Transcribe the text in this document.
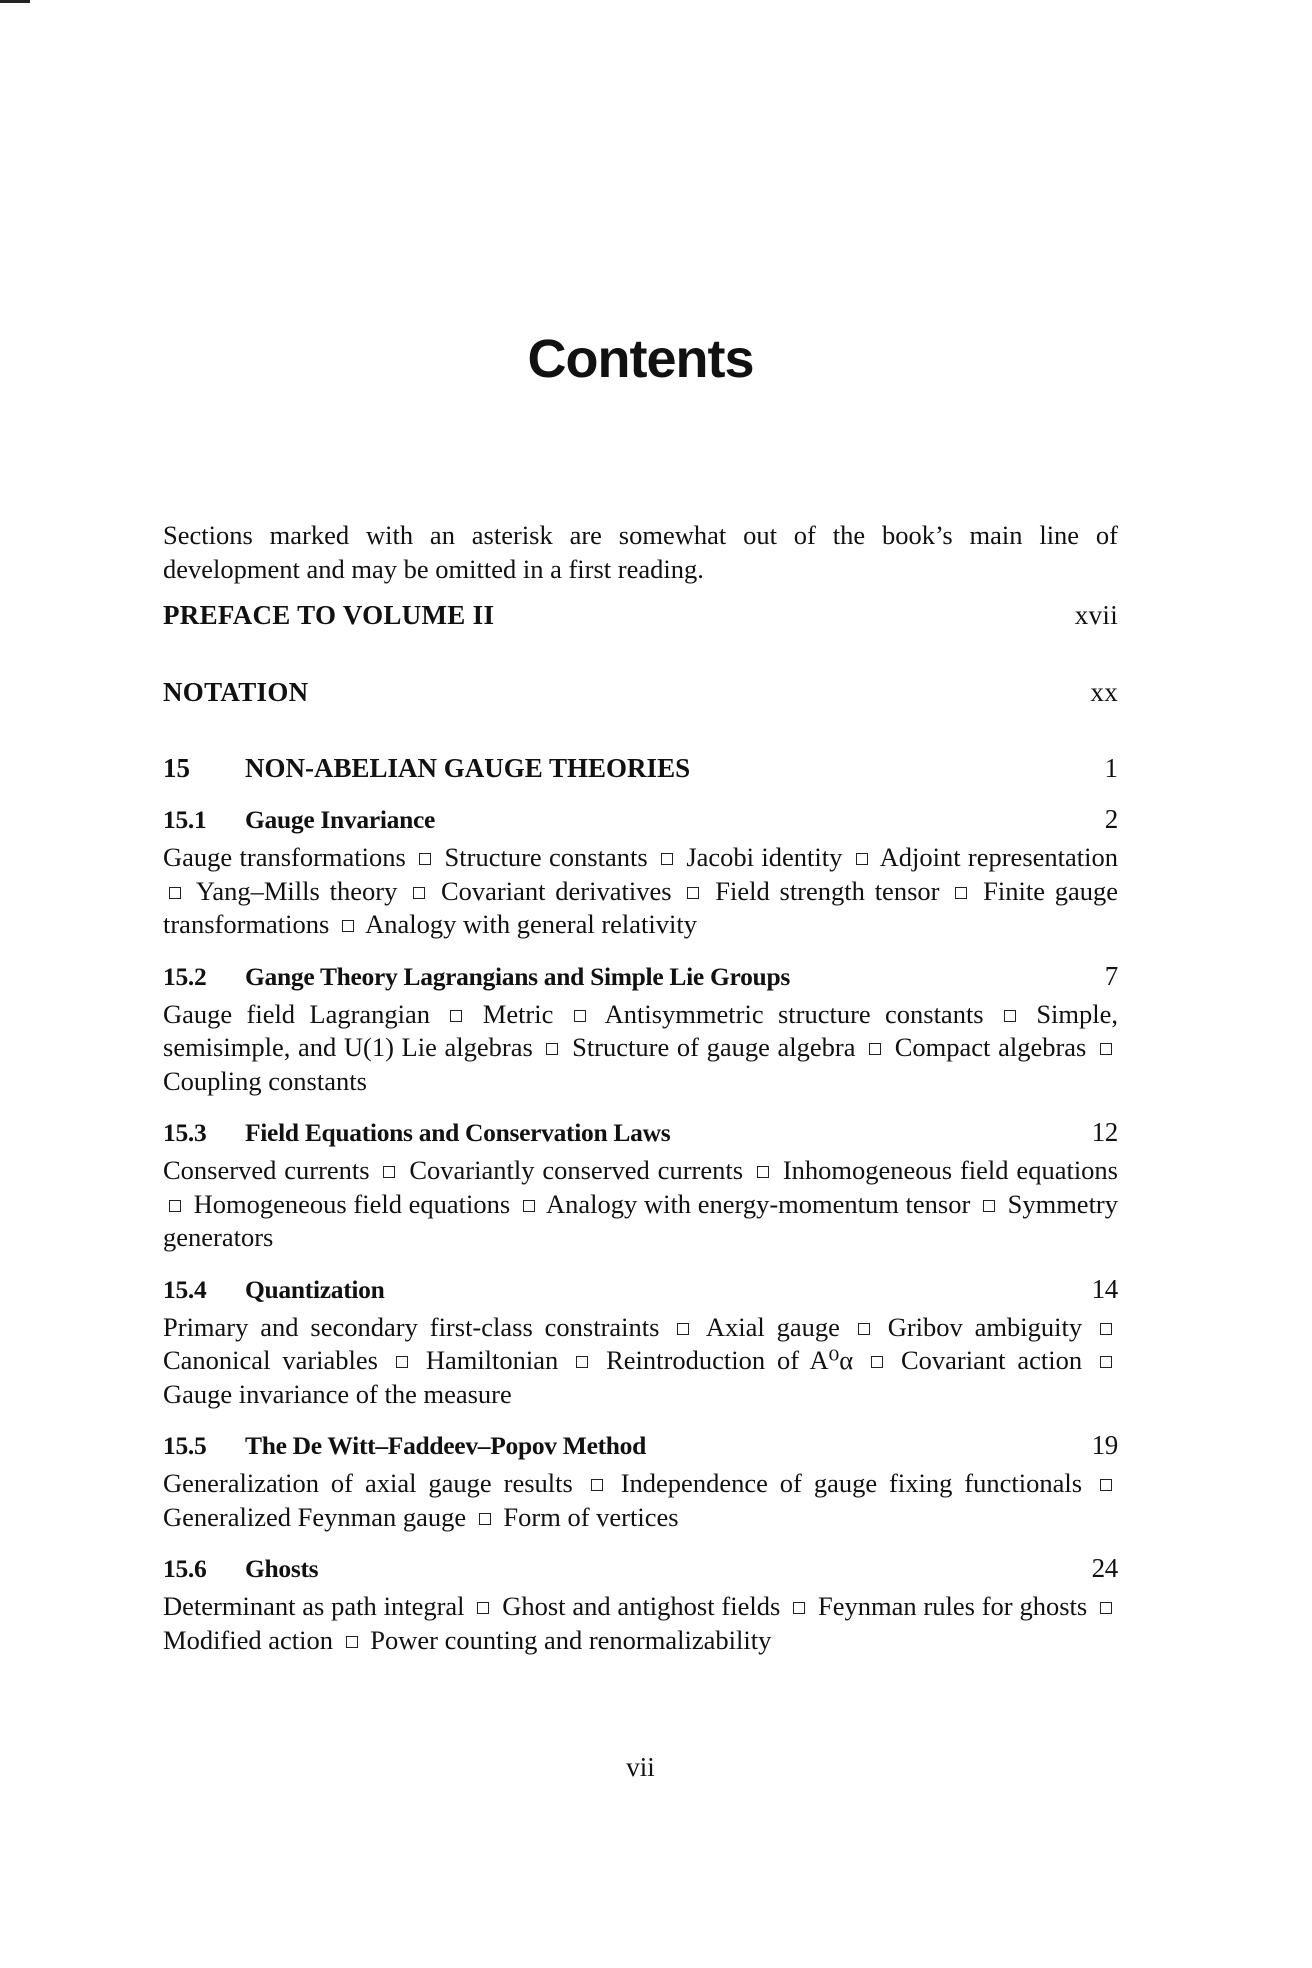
Contents

Sections marked with an asterisk are somewhat out of the book’s main line of development and may be omitted in a first reading.

PREFACE TO VOLUME II	xvii
NOTATION	xx
15	NON-ABELIAN GAUGE THEORIES	1
15.1	Gauge Invariance	2
Gauge transformations Structure constants Jacobi identity Adjoint representation  Yang–Mills theory Covariant derivatives Field strength tensor Finite gauge transformations Analogy with general relativity
15.2	Gange Theory Lagrangians and Simple Lie Groups	7
Gauge field Lagrangian Metric Antisymmetric structure constants Simple, semisimple, and U(1) Lie algebras Structure of gauge algebra Compact algebras  Coupling constants
15.3	Field Equations and Conservation Laws	12
Conserved currents Covariantly conserved currents Inhomogeneous field equations  Homogeneous field equations Analogy with energy-momentum tensor Symmetry generators
15.4	Quantization	14
Primary and secondary first-class constraints Axial gauge Gribov ambiguity  Canonical variables Hamiltonian Reintroduction of A⁰α Covariant action  Gauge invariance of the measure
15.5	The De Witt–Faddeev–Popov Method	19
Generalization of axial gauge results Independence of gauge fixing functionals  Generalized Feynman gauge Form of vertices
15.6	Ghosts	24
Determinant as path integral Ghost and antighost fields Feynman rules for ghosts  Modified action Power counting and renormalizability
vii
